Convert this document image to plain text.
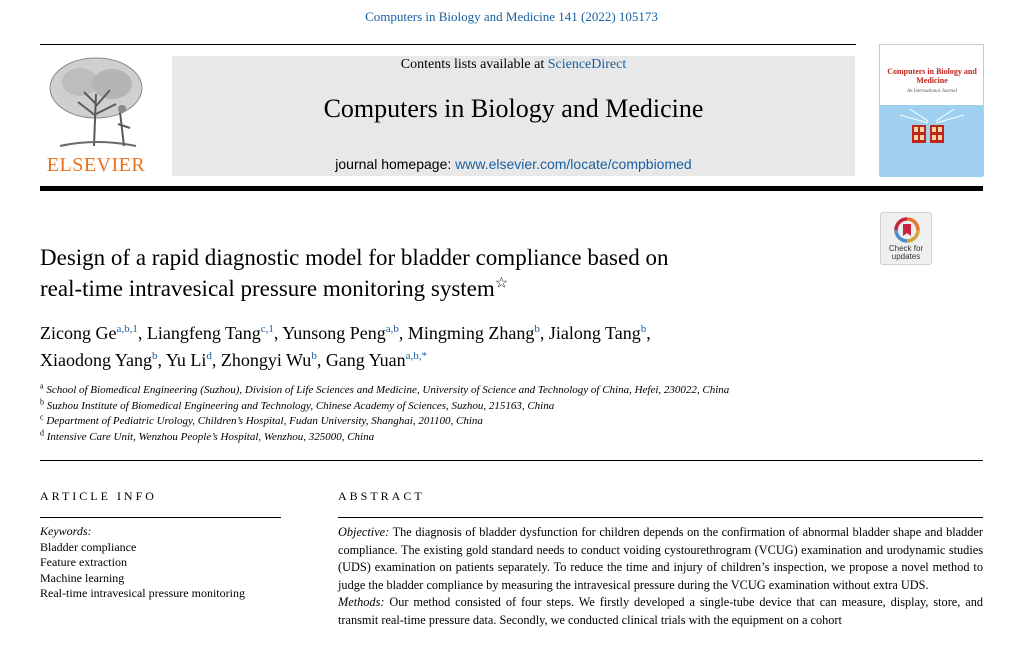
Computers in Biology and Medicine 141 (2022) 105173
ELSEVIER
Contents lists available at ScienceDirect
Computers in Biology and Medicine
journal homepage: www.elsevier.com/locate/compbiomed
Computers in Biology and Medicine
An International Journal
Check for
updates
Design of a rapid diagnostic model for bladder compliance based on
real-time intravesical pressure monitoring system☆
Zicong Ge$^{a,b,1}$, Liangfeng Tang$^{c,1}$, Yunsong Peng$^{a,b}$, Mingming Zhang$^b$, Jialong Tang$^b$,
Xiaodong Yang$^b$, Yu Li$^d$, Zhongyi Wu$^b$, Gang Yuan$^{a,b,*}$
$^a$ School of Biomedical Engineering (Suzhou), Division of Life Sciences and Medicine, University of Science and Technology of China, Hefei, 230022, China
$^b$ Suzhou Institute of Biomedical Engineering and Technology, Chinese Academy of Sciences, Suzhou, 215163, China
$^c$ Department of Pediatric Urology, Children’s Hospital, Fudan University, Shanghai, 201100, China
$^d$ Intensive Care Unit, Wenzhou People’s Hospital, Wenzhou, 325000, China
ARTICLE INFO
Keywords:
Bladder compliance
Feature extraction
Machine learning
Real-time intravesical pressure monitoring
ABSTRACT

Objective: The diagnosis of bladder dysfunction for children depends on the confirmation of abnormal bladder shape and bladder compliance. The existing gold standard needs to conduct voiding cystourethrogram (VCUG) examination and urodynamic studies (UDS) examination on patients separately. To reduce the time and injury of children’s inspection, we propose a novel method to judge the bladder compliance by measuring the intravesical pressure during the VCUG examination without extra UDS.

Methods: Our method consisted of four steps. We firstly developed a single-tube device that can measure, display, store, and transmit real-time pressure data. Secondly, we conducted clinical trials with the equipment on a cohort
